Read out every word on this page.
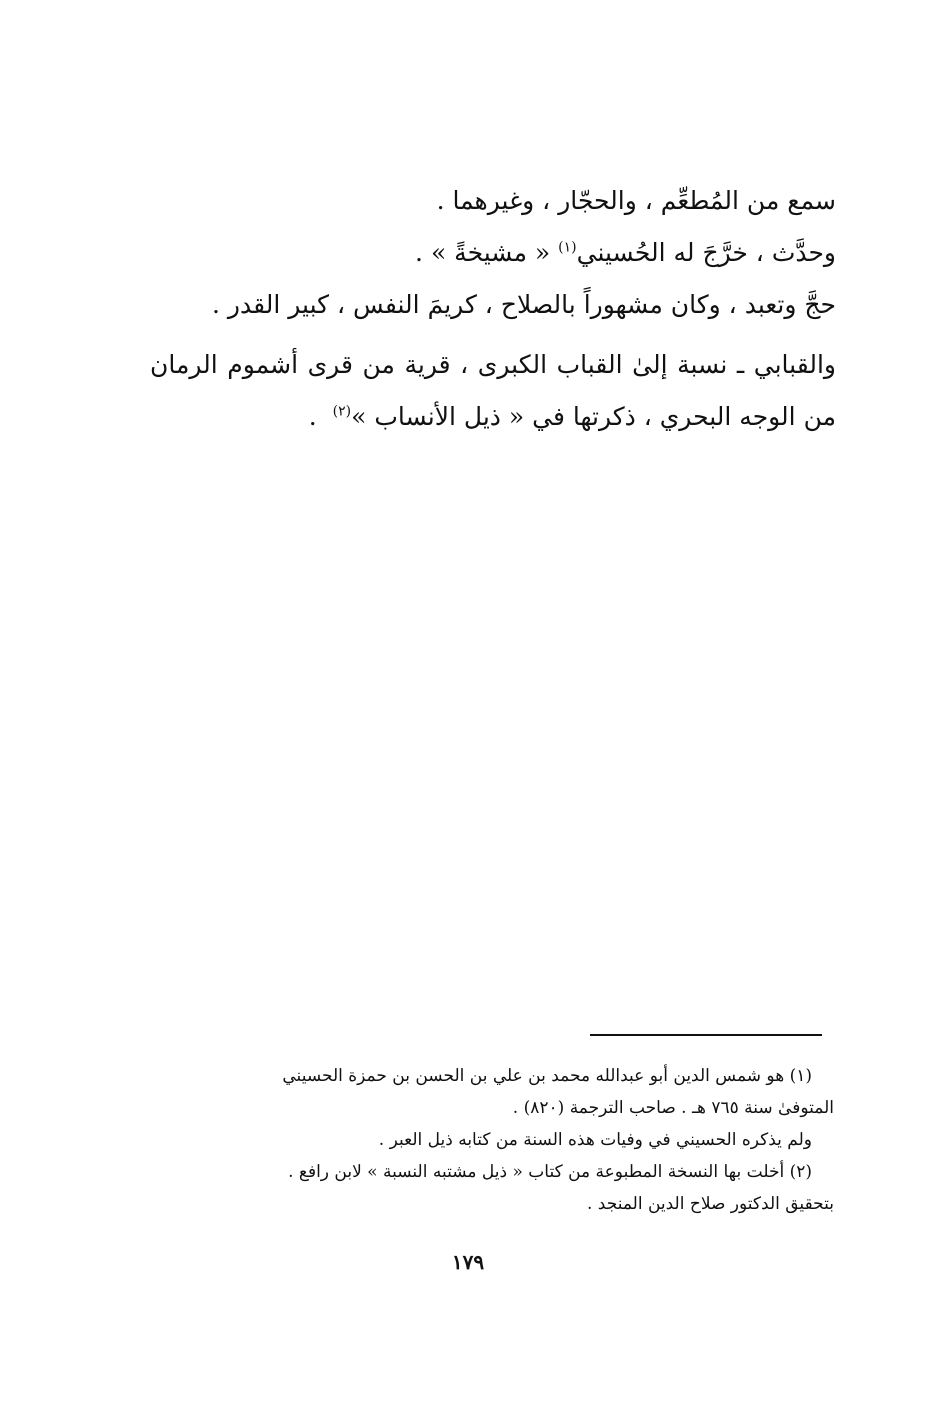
سمع من المُطعِّم ، والحجّار ، وغيرهما .

وحدَّث ، خرَّجَ له الحُسيني$^{(١)}$ « مشيخةً » .

حجَّ وتعبد ، وكان مشهوراً بالصلاح ، كريمَ النفس ، كبير القدر .

والقبابي ـ نسبة إلىٰ القباب الكبرى ، قرية من قرى أشموم الرمان من الوجه البحري ، ذكرتها في « ذيل الأنساب »$^{(٢)}$  .

(١) هو شمس الدين أبو عبدالله محمد بن علي بن الحسن بن حمزة الحسيني

المتوفىٰ سنة ٧٦٥ هـ . صاحب الترجمة (٨٢٠) .

ولم يذكره الحسيني في وفيات هذه السنة من كتابه ذيل العبر .

(٢) أخلت بها النسخة المطبوعة من كتاب « ذيل مشتبه النسبة » لابن رافع .

بتحقيق الدكتور صلاح الدين المنجد .

١٧٩
